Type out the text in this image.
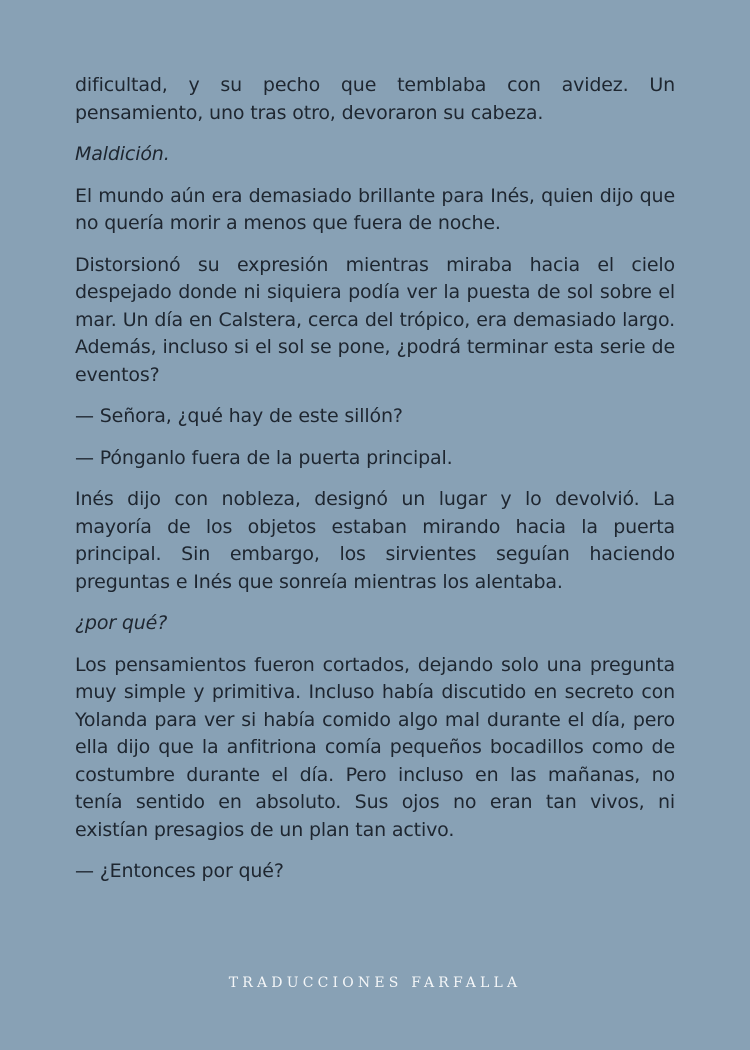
dificultad, y su pecho que temblaba con avidez. Un pensamiento, uno tras otro, devoraron su cabeza.

Maldición.

El mundo aún era demasiado brillante para Inés, quien dijo que no quería morir a menos que fuera de noche.

Distorsionó su expresión mientras miraba hacia el cielo despejado donde ni siquiera podía ver la puesta de sol sobre el mar. Un día en Calstera, cerca del trópico, era demasiado largo. Además, incluso si el sol se pone, ¿podrá terminar esta serie de eventos?

— Señora, ¿qué hay de este sillón?

— Pónganlo fuera de la puerta principal.

Inés dijo con nobleza, designó un lugar y lo devolvió. La mayoría de los objetos estaban mirando hacia la puerta principal. Sin embargo, los sirvientes seguían haciendo preguntas e Inés que sonreía mientras los alentaba.

¿por qué?

Los pensamientos fueron cortados, dejando solo una pregunta muy simple y primitiva. Incluso había discutido en secreto con Yolanda para ver si había comido algo mal durante el día, pero ella dijo que la anfitriona comía pequeños bocadillos como de costumbre durante el día. Pero incluso en las mañanas, no tenía sentido en absoluto. Sus ojos no eran tan vivos, ni existían presagios de un plan tan activo.

— ¿Entonces por qué?

TRADUCCIONES FARFALLA
